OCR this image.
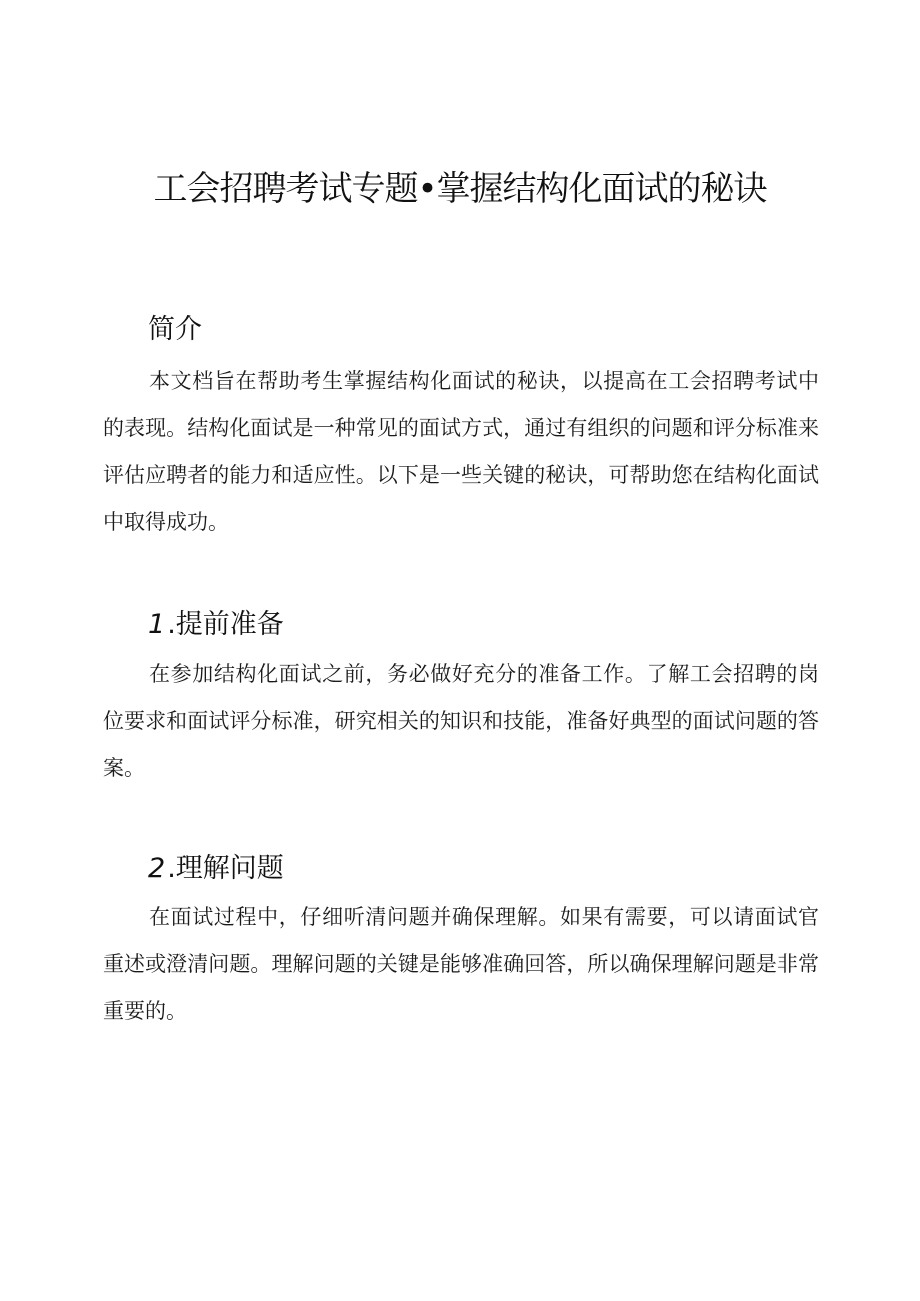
工会招聘考试专题•掌握结构化面试的秘诀
简介

本文档旨在帮助考生掌握结构化面试的秘诀，以提高在工会招聘考试中的表现。结构化面试是一种常见的面试方式，通过有组织的问题和评分标准来评估应聘者的能力和适应性。以下是一些关键的秘诀，可帮助您在结构化面试中取得成功。

1.提前准备

在参加结构化面试之前，务必做好充分的准备工作。了解工会招聘的岗位要求和面试评分标准，研究相关的知识和技能，准备好典型的面试问题的答案。

2.理解问题

在面试过程中，仔细听清问题并确保理解。如果有需要，可以请面试官重述或澄清问题。理解问题的关键是能够准确回答，所以确保理解问题是非常重要的。
